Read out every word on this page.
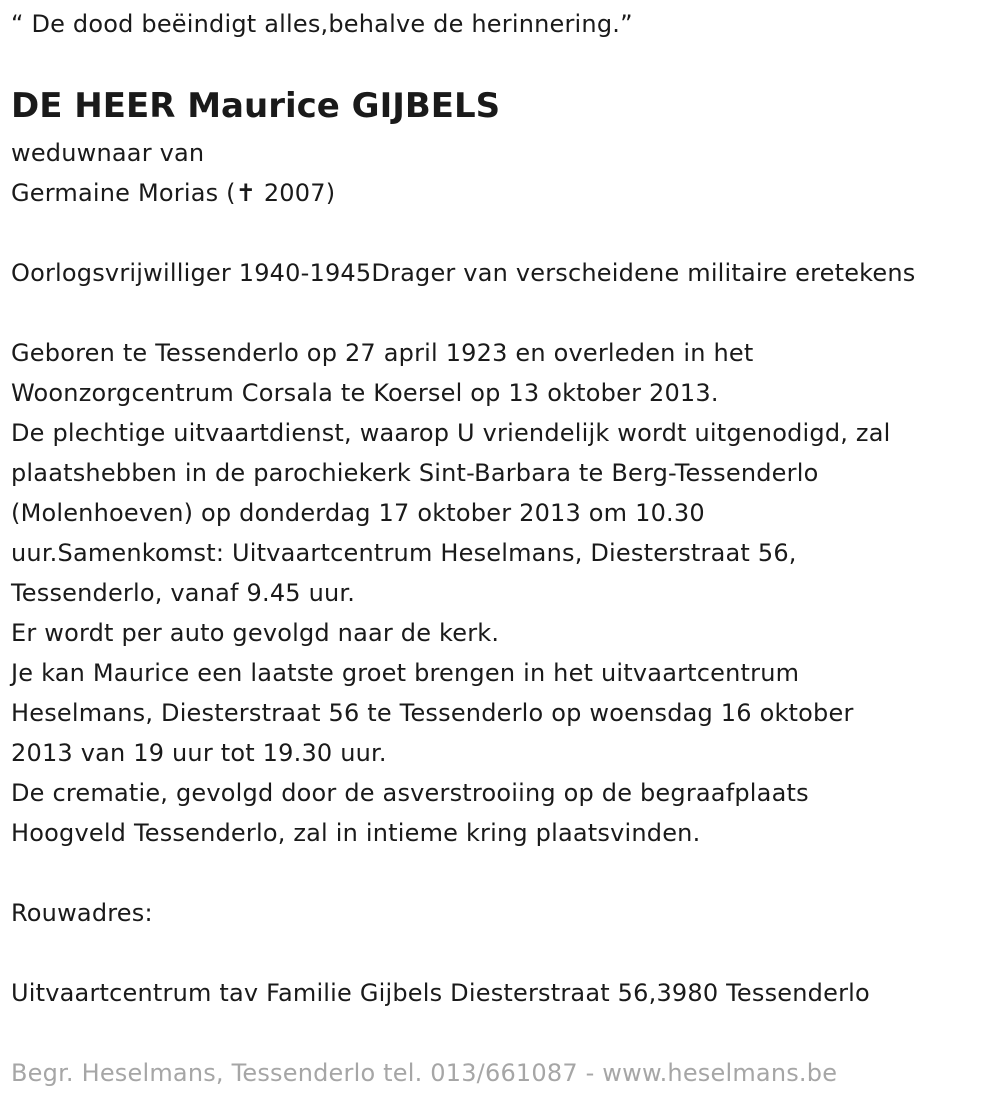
“ De dood beëindigt alles,behalve de herinnering.”
DE HEER Maurice GIJBELS
weduwnaar van
Germaine Morias (✝ 2007)
Oorlogsvrijwilliger 1940-1945Drager van verscheidene militaire eretekens
Geboren te Tessenderlo op 27 april 1923 en overleden in het
Woonzorgcentrum Corsala te Koersel op 13 oktober 2013.
De plechtige uitvaartdienst, waarop U vriendelijk wordt uitgenodigd, zal
plaatshebben in de parochiekerk Sint-Barbara te Berg-Tessenderlo
(Molenhoeven) op donderdag 17 oktober 2013 om 10.30
uur.Samenkomst: Uitvaartcentrum Heselmans, Diesterstraat 56,
Tessenderlo, vanaf 9.45 uur.
Er wordt per auto gevolgd naar de kerk.
Je kan Maurice een laatste groet brengen in het uitvaartcentrum
Heselmans, Diesterstraat 56 te Tessenderlo op woensdag 16 oktober
2013 van 19 uur tot 19.30 uur.
De crematie, gevolgd door de asverstrooiing op de begraafplaats
Hoogveld Tessenderlo, zal in intieme kring plaatsvinden.
Rouwadres:
Uitvaartcentrum tav Familie Gijbels Diesterstraat 56,3980 Tessenderlo
Begr. Heselmans, Tessenderlo tel. 013/661087 - www.heselmans.be
